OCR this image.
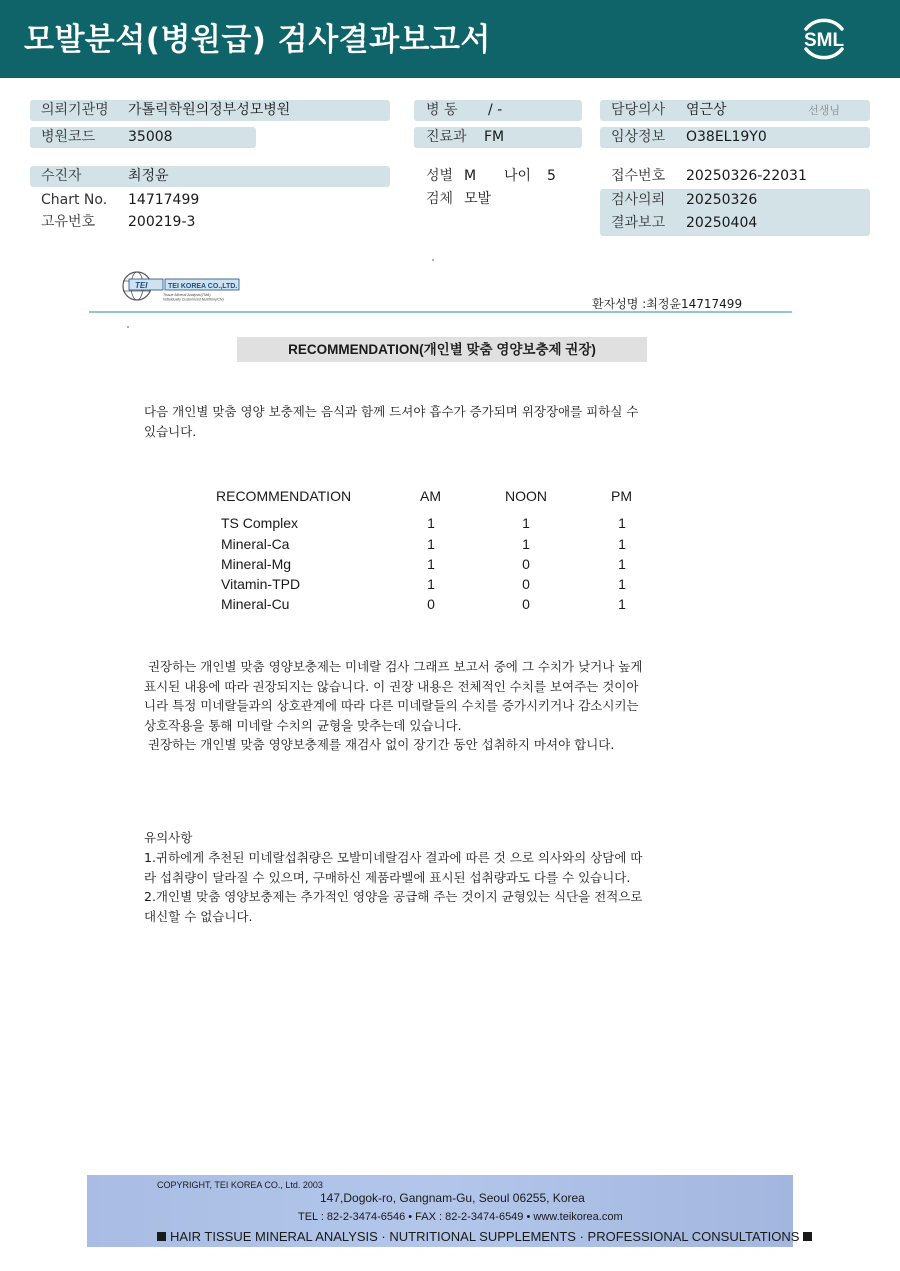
모발분석(병원급) 검사결과보고서	SML
의뢰기관명 가톨릭학원의정부성모병원
병원코드 35008
수진자	최정윤
Chart No. 14717499
고유번호 200219-3
병 동 / -
진료과 FM
성별 M 나이 5
검체 모발
담당의사 염근상	선생님
임상정보 O38EL19Y0
접수번호 20250326-22031
검사의뢰 20250326
결과보고 20250404
TEI	TEI KOREA CO.,LTD.
Tissue Mineral Analysis(TMA)
Individually Customized Nutrition(ICN)	환자성명 :최정윤14717499
RECOMMENDATION(개인별 맞춤 영양보충제 권장)
다음 개인별 맞춤 영양 보충제는 음식과 함께 드셔야 흡수가 증가되며 위장장애를 피하실 수
있습니다.
RECOMMENDATION	AM	NOON	PM
TS Complex	1	1	1
Mineral-Ca	1	1	1
Mineral-Mg	1	0	1
Vitamin-TPD	1	0	1
Mineral-Cu	0	0	1
권장하는 개인별 맞춤 영양보충제는 미네랄 검사 그래프 보고서 중에 그 수치가 낮거나 높게
표시된 내용에 따라 권장되지는 않습니다. 이 권장 내용은 전체적인 수치를 보여주는 것이아
니라 특정 미네랄들과의 상호관계에 따라 다른 미네랄들의 수치를 증가시키거나 감소시키는
상호작용을 통해 미네랄 수치의 균형을 맞추는데 있습니다.
권장하는 개인별 맞춤 영양보충제를 재검사 없이 장기간 동안 섭취하지 마셔야 합니다.
유의사항
1.귀하에게 추천된 미네랄섭취량은 모발미네랄검사 결과에 따른 것 으로 의사와의 상담에 따
라 섭취량이 달라질 수 있으며, 구매하신 제품라벨에 표시된 섭취량과도 다를 수 있습니다.
2.개인별 맞춤 영양보충제는 추가적인 영양을 공급해 주는 것이지 균형있는 식단을 전적으로
대신할 수 없습니다.
COPYRIGHT, TEI KOREA CO., Ltd. 2003
147,Dogok-ro, Gangnam-Gu, Seoul 06255, Korea
TEL : 82-2-3474-6546 • FAX : 82-2-3474-6549 • www.teikorea.com
HAIR TISSUE MINERAL ANALYSIS · NUTRITIONAL SUPPLEMENTS · PROFESSIONAL CONSULTATIONS
